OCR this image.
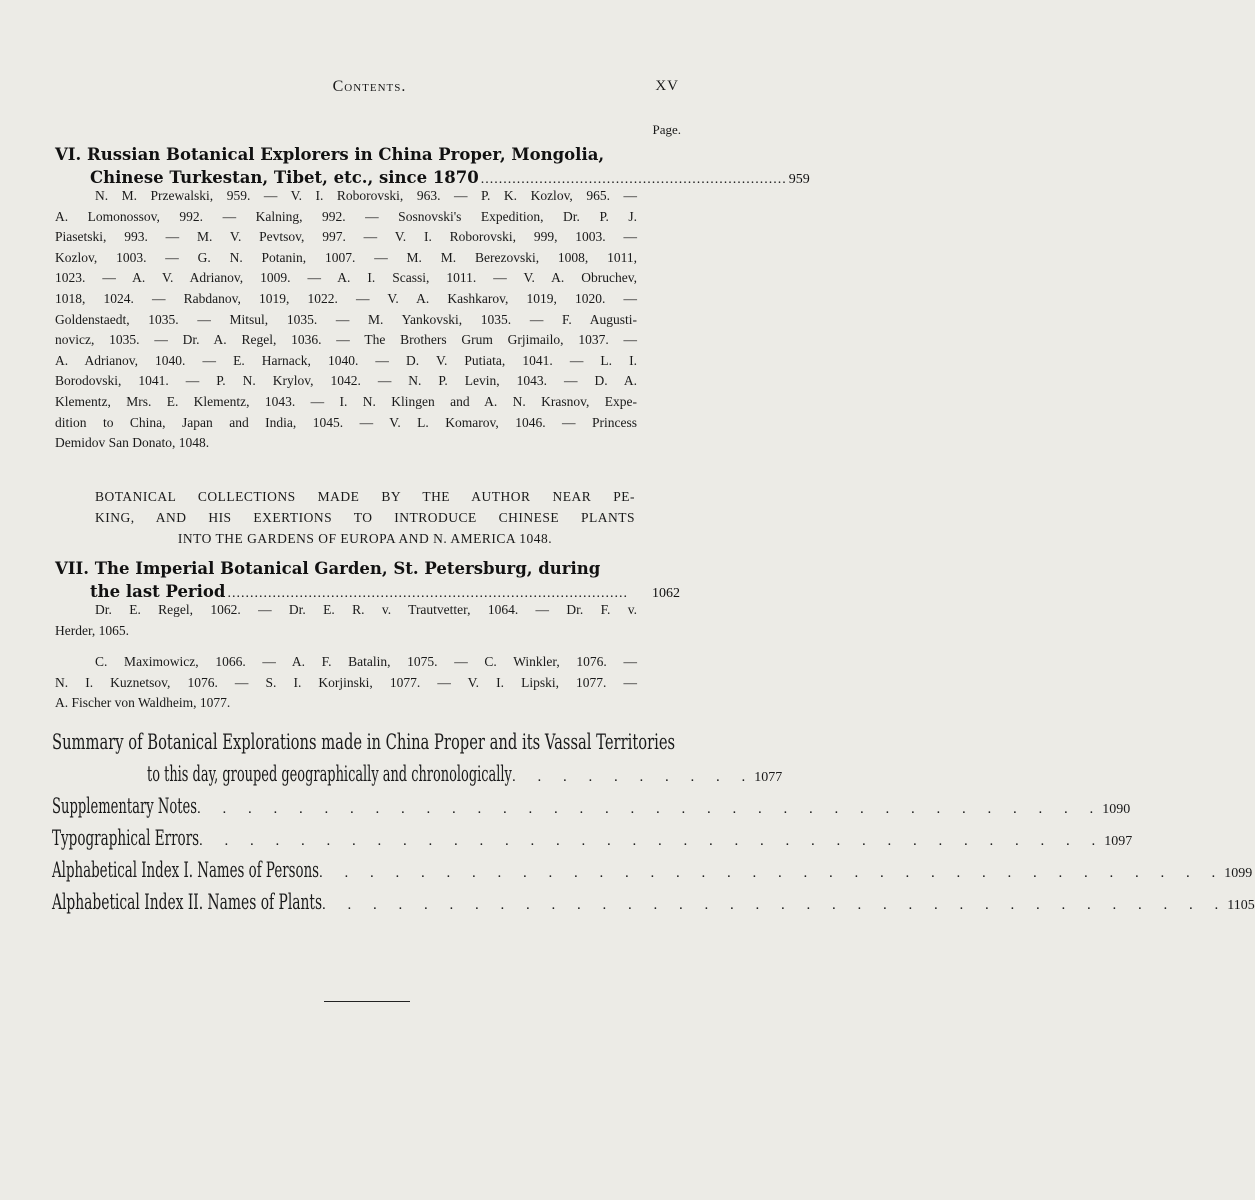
Contents.	XV
Page.
VI. Russian Botanical Explorers in China Proper, Mongolia,
Chinese Turkestan, Tibet, etc., since 1870 .................................................................... 959
N. M. Przewalski, 959. — V. I. Roborovski, 963. — P. K. Kozlov, 965. —
A. Lomonossov, 992. — Kalning, 992. — Sosnovski's Expedition, Dr. P. J.
Piasetski, 993. — M. V. Pevtsov, 997. — V. I. Roborovski, 999, 1003. —
Kozlov, 1003. — G. N. Potanin, 1007. — M. M. Berezovski, 1008, 1011,
1023. — A. V. Adrianov, 1009. — A. I. Scassi, 1011. — V. A. Obruchev,
1018, 1024. — Rabdanov, 1019, 1022. — V. A. Kashkarov, 1019, 1020. —
Goldenstaedt, 1035. — Mitsul, 1035. — M. Yankovski, 1035. — F. Augusti-
novicz, 1035. — Dr. A. Regel, 1036. — The Brothers Grum Grjimailo, 1037. —
A. Adrianov, 1040. — E. Harnack, 1040. — D. V. Putiata, 1041. — L. I.
Borodovski, 1041. — P. N. Krylov, 1042. — N. P. Levin, 1043. — D. A.
Klementz, Mrs. E. Klementz, 1043. — I. N. Klingen and A. N. Krasnov, Expe-
dition to China, Japan and India, 1045. — V. L. Komarov, 1046. — Princess
Demidov San Donato, 1048.
BOTANICAL COLLECTIONS MADE BY THE AUTHOR NEAR PE-
KING, AND HIS EXERTIONS TO INTRODUCE CHINESE PLANTS
INTO THE GARDENS OF EUROPA AND N. AMERICA 1048.
VII. The Imperial Botanical Garden, St. Petersburg, during
the last Period .........................................................................................	1062
Dr. E. Regel, 1062. — Dr. E. R. v. Trautvetter, 1064. — Dr. F. v.
Herder, 1065.
C. Maximowicz, 1066. — A. F. Batalin, 1075. — C. Winkler, 1076. —
N. I. Kuznetsov, 1076. — S. I. Korjinski, 1077. — V. I. Lipski, 1077. —
A. Fischer von Waldheim, 1077.
Summary of Botanical Explorations made in China Proper and its Vassal Territories
to this day, grouped geographically and chronologically . . . . . . . . . . 1077
Supplementary Notes . . . . . . . . . . . . . . . . . . . . . . . . . . . . . . . . . . . . 1090
Typographical Errors . . . . . . . . . . . . . . . . . . . . . . . . . . . . . . . . . . . . 1097
Alphabetical Index I. Names of Persons . . . . . . . . . . . . . . . . . . . . . . . . . . . . . . . . . . . . 1099
Alphabetical Index II. Names of Plants . . . . . . . . . . . . . . . . . . . . . . . . . . . . . . . . . . . . 1105
